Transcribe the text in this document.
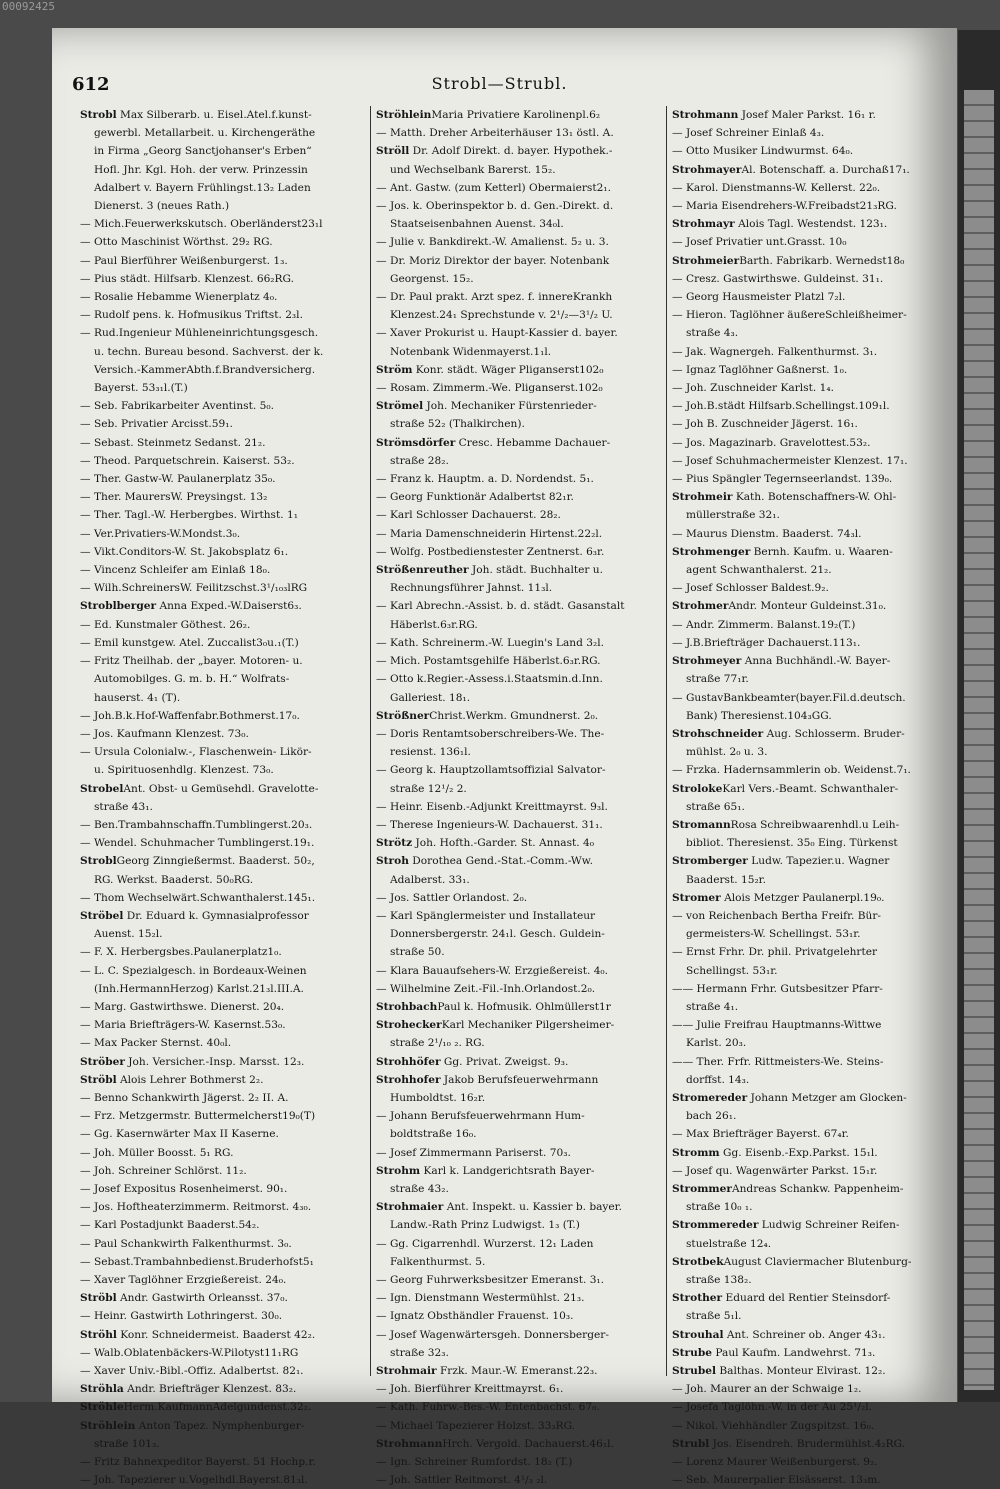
00092425
612	Strobl—Strubl.
Strobl Max Silberarb. u. Eisel.Atel.f.kunst-
gewerbl. Metallarbeit. u. Kirchengeräthe
in Firma „Georg Sanctjohanser's Erben“
Hofl. Jhr. Kgl. Hoh. der verw. Prinzessin
Adalbert v. Bayern Frühlingst.13₂ Laden
Dienerst. 3 (neues Rath.)
— Mich.Feuerwerkskutsch. Oberländerst23₁l
— Otto Maschinist Wörthst. 29₂ RG.
— Paul Bierführer Weißenburgerst. 1₃.
— Pius städt. Hilfsarb. Klenzest. 66₂RG.
— Rosalie Hebamme Wienerplatz 4₀.
— Rudolf pens. k. Hofmusikus Triftst. 2₃l.
— Rud.Ingenieur Mühleneinrichtungsgesch.
u. techn. Bureau besond. Sachverst. der k.
Versich.-KammerAbth.f.Brandversicherg.
Bayerst. 53₃₁l.(T.)
— Seb. Fabrikarbeiter Aventinst. 5₀.
— Seb. Privatier Arcisst.59₁.
— Sebast. Steinmetz Sedanst. 21₂.
— Theod. Parquetschrein. Kaiserst. 53₂.
— Ther. Gastw-W. Paulanerplatz 35₀.
— Ther. MaurersW. Preysingst. 13₂
— Ther. Tagl.-W. Herbergbes. Wirthst. 1₁
— Ver.Privatiers-W.Mondst.3₀.
— Vikt.Conditors-W. St. Jakobsplatz 6₁.
— Vincenz Schleifer am Einlaß 18₀.
— Wilh.SchreinersW. Feilitzschst.3¹/₁₀₃lRG
Stroblberger Anna Exped.-W.Daiserst6₃.
— Ed. Kunstmaler Göthest. 26₂.
— Emil kunstgew. Atel. Zuccalist3₀u.₁(T.)
— Fritz Theilhab. der „bayer. Motoren- u.
Automobilges. G. m. b. H.“ Wolfrats-
hauserst. 4₁ (T).
— Joh.B.k.Hof-Waffenfabr.Bothmerst.17₀.
— Jos. Kaufmann Klenzest. 73₀.
— Ursula Colonialw.-, Flaschenwein- Likör-
u. Spirituosenhdlg. Klenzest. 73₀.
StrobelAnt. Obst- u Gemüsehdl. Gravelotte-
straße 43₁.
— Ben.Trambahnschaffn.Tumblingerst.20₃.
— Wendel. Schuhmacher Tumblingerst.19₁.
StroblGeorg Zinngießermst. Baaderst. 50₂,
RG. Werkst. Baaderst. 50₀RG.
— Thom Wechselwärt.Schwanthalerst.145₁.
Ströbel Dr. Eduard k. Gymnasialprofessor
Auenst. 15₂l.
— F. X. Herbergsbes.Paulanerplatz1₀.
— L. C. Spezialgesch. in Bordeaux-Weinen
(Inh.HermannHerzog) Karlst.21₃l.III.A.
— Marg. Gastwirthswe. Dienerst. 20₄.
— Maria Briefträgers-W. Kasernst.53₀.
— Max Packer Sternst. 40₀l.
Ströber Joh. Versicher.-Insp. Marsst. 12₃.
Ströbl Alois Lehrer Bothmerst 2₂.
— Benno Schankwirth Jägerst. 2₂ II. A.
— Frz. Metzgermstr. Buttermelcherst19₀(T)
— Gg. Kasernwärter Max II Kaserne.
— Joh. Müller Boosst. 5₁ RG.
— Joh. Schreiner Schlörst. 11₂.
— Josef Expositus Rosenheimerst. 90₁.
— Jos. Hoftheaterzimmerm. Reitmorst. 4₃₀.
— Karl Postadjunkt Baaderst.54₂.
— Paul Schankwirth Falkenthurmst. 3₀.
— Sebast.Trambahnbedienst.Bruderhofst5₁
— Xaver Taglöhner Erzgießereist. 24₀.
Ströbl Andr. Gastwirth Orleansst. 37₀.
— Heinr. Gastwirth Lothringerst. 30₀.
Ströhl Konr. Schneidermeist. Baaderst 42₂.
— Walb.Oblatenbäckers-W.Pilotyst11₁RG
— Xaver Univ.-Bibl.-Offiz. Adalbertst. 82₁.
Ströhla Andr. Briefträger Klenzest. 83₂.
StröhleHerm.KaufmannAdelgundenst.32₂.
Ströhlein Anton Tapez. Nymphenburger-
straße 101₃.
— Fritz Bahnexpeditor Bayerst. 51 Hochp.r.
— Joh. Tapezierer u.Vogelhdl.Bayerst.81₃l.
StröhleinMaria Privatiere Karolinenpl.6₂
— Matth. Dreher Arbeiterhäuser 13₁ östl. A.
Ströll Dr. Adolf Direkt. d. bayer. Hypothek.-
und Wechselbank Barerst. 15₂.
— Ant. Gastw. (zum Ketterl) Obermaierst2₁.
— Jos. k. Oberinspektor b. d. Gen.-Direkt. d.
Staatseisenbahnen Auenst. 34₀l.
— Julie v. Bankdirekt.-W. Amalienst. 5₂ u. 3.
— Dr. Moriz Direktor der bayer. Notenbank
Georgenst. 15₂.
— Dr. Paul prakt. Arzt spez. f. innereKrankh
Klenzest.24₁ Sprechstunde v. 2¹/₂—3¹/₂ U.
— Xaver Prokurist u. Haupt-Kassier d. bayer.
Notenbank Widenmayerst.1₁l.
Ström Konr. städt. Wäger Pliganserst102₀
— Rosam. Zimmerm.-We. Pliganserst.102₀
Strömel Joh. Mechaniker Fürstenrieder-
straße 52₂ (Thalkirchen).
Strömsdörfer Cresc. Hebamme Dachauer-
straße 28₂.
— Franz k. Hauptm. a. D. Nordendst. 5₁.
— Georg Funktionär Adalbertst 82₁r.
— Karl Schlosser Dachauerst. 28₂.
— Maria Damenschneiderin Hirtenst.22₂l.
— Wolfg. Postbedienstester Zentnerst. 6₃r.
Strößenreuther Joh. städt. Buchhalter u.
Rechnungsführer Jahnst. 11₃l.
— Karl Abrechn.-Assist. b. d. städt. Gasanstalt
Häberlst.6₃r.RG.
— Kath. Schreinerm.-W. Luegin's Land 3₂l.
— Mich. Postamtsgehilfe Häberlst.6₃r.RG.
— Otto k.Regier.-Assess.i.Staatsmin.d.Inn.
Galleriest. 18₁.
StrößnerChrist.Werkm. Gmundnerst. 2₀.
— Doris Rentamtsoberschreibers-We. The-
resienst. 136₁l.
— Georg k. Hauptzollamtsoffizial Salvator-
straße 12¹/₂ 2.
— Heinr. Eisenb.-Adjunkt Kreittmayrst. 9₃l.
— Therese Ingenieurs-W. Dachauerst. 31₁.
Strötz Joh. Hofth.-Garder. St. Annast. 4₀
Stroh Dorothea Gend.-Stat.-Comm.-Ww.
Adalberst. 33₁.
— Jos. Sattler Orlandost. 2₀.
— Karl Spänglermeister und Installateur
Donnersbergerstr. 24₁l. Gesch. Guldein-
straße 50.
— Klara Bauaufsehers-W. Erzgießereist. 4₀.
— Wilhelmine Zeit.-Fil.-Inh.Orlandost.2₀.
StrohbachPaul k. Hofmusik. Ohlmüllerst1r
StroheckerKarl Mechaniker Pilgersheimer-
straße 2¹/₁₀ ₂. RG.
Strohhöfer Gg. Privat. Zweigst. 9₃.
Strohhofer Jakob Berufsfeuerwehrmann
Humboldtst. 16₂r.
— Johann Berufsfeuerwehrmann Hum-
boldtstraße 16₀.
— Josef Zimmermann Pariserst. 70₃.
Strohm Karl k. Landgerichtsrath Bayer-
straße 43₂.
Strohmaier Ant. Inspekt. u. Kassier b. bayer.
Landw.-Rath Prinz Ludwigst. 1₃ (T.)
— Gg. Cigarrenhdl. Wurzerst. 12₁ Laden
Falkenthurmst. 5.
— Georg Fuhrwerksbesitzer Emeranst. 3₁.
— Ign. Dienstmann Westermühlst. 21₃.
— Ignatz Obsthändler Frauenst. 10₃.
— Josef Wagenwärtersgeh. Donnersberger-
straße 32₃.
Strohmair Frzk. Maur.-W. Emeranst.22₃.
— Joh. Bierführer Kreittmayrst. 6₁.
— Kath. Fuhrw.-Bes.-W. Entenbachst. 67₀.
— Michael Tapezierer Holzst. 33₃RG.
StrohmannHrch. Vergold. Dachauerst.46₁l.
— Ign. Schreiner Rumfordst. 18₂ (T.)
— Joh. Sattler Reitmorst. 4¹/₃ ₂l.
Strohmann Josef Maler Parkst. 16₁ r.
— Josef Schreiner Einlaß 4₃.
— Otto Musiker Lindwurmst. 64₀.
StrohmayerAl. Botenschaff. a. Durchaß17₁.
— Karol. Dienstmanns-W. Kellerst. 22₀.
— Maria Eisendrehers-W.Freibadst21₃RG.
Strohmayr Alois Tagl. Westendst. 123₁.
— Josef Privatier unt.Grasst. 10₀
StrohmeierBarth. Fabrikarb. Wernedst18₀
— Cresz. Gastwirthswe. Guldeinst. 31₁.
— Georg Hausmeister Platzl 7₂l.
— Hieron. Taglöhner äußereSchleißheimer-
straße 4₃.
— Jak. Wagnergeh. Falkenthurmst. 3₁.
— Ignaz Taglöhner Gaßnerst. 1₀.
— Joh. Zuschneider Karlst. 1₄.
— Joh.B.städt Hilfsarb.Schellingst.109₁l.
— Joh B. Zuschneider Jägerst. 16₁.
— Jos. Magazinarb. Gravelottest.53₂.
— Josef Schuhmachermeister Klenzest. 17₁.
— Pius Spängler Tegernseerlandst. 139₀.
Strohmeir Kath. Botenschaffners-W. Ohl-
müllerstraße 32₁.
— Maurus Dienstm. Baaderst. 74₃l.
Strohmenger Bernh. Kaufm. u. Waaren-
agent Schwanthalerst. 21₂.
— Josef Schlosser Baldest.9₂.
StrohmerAndr. Monteur Guldeinst.31₀.
— Andr. Zimmerm. Balanst.19₂(T.)
— J.B.Briefträger Dachauerst.113₁.
Strohmeyer Anna Buchhändl.-W. Bayer-
straße 77₁r.
— GustavBankbeamter(bayer.Fil.d.deutsch.
Bank) Theresienst.104₃GG.
Strohschneider Aug. Schlosserm. Bruder-
mühlst. 2₀ u. 3.
— Frzka. Hadernsammlerin ob. Weidenst.7₁.
StrolokeKarl Vers.-Beamt. Schwanthaler-
straße 65₁.
StromannRosa Schreibwaarenhdl.u Leih-
bibliot. Theresienst. 35₀ Eing. Türkenst
Stromberger Ludw. Tapezier.u. Wagner
Baaderst. 15₂r.
Stromer Alois Metzger Paulanerpl.19₀.
— von Reichenbach Bertha Freifr. Bür-
germeisters-W. Schellingst. 53₁r.
— Ernst Frhr. Dr. phil. Privatgelehrter
Schellingst. 53₁r.
—— Hermann Frhr. Gutsbesitzer Pfarr-
straße 4₁.
—— Julie Freifrau Hauptmanns-Wittwe
Karlst. 20₃.
—— Ther. Frfr. Rittmeisters-We. Steins-
dorffst. 14₃.
Stromereder Johann Metzger am Glocken-
bach 26₁.
— Max Briefträger Bayerst. 67₄r.
Stromm Gg. Eisenb.-Exp.Parkst. 15₁l.
— Josef qu. Wagenwärter Parkst. 15₁r.
StrommerAndreas Schankw. Pappenheim-
straße 10₀ ₁.
Strommereder Ludwig Schreiner Reifen-
stuelstraße 12₄.
StrotbekAugust Claviermacher Blutenburg-
straße 138₂.
Strother Eduard del Rentier Steinsdorf-
straße 5₁l.
Strouhal Ant. Schreiner ob. Anger 43₁.
Strube Paul Kaufm. Landwehrst. 71₃.
Strubel Balthas. Monteur Elvirast. 12₂.
— Joh. Maurer an der Schwaige 1₂.
— Josefa Taglöhn.-W. in der Au 25¹/₂l.
— Nikol. Viehhändler Zugspitzst. 16₀.
Strubl Jos. Eisendreh. Brudermühlst.4₂RG.
— Lorenz Maurer Weißenburgerst. 9₂.
— Seb. Maurerpalier Elsässerst. 13₃m.
